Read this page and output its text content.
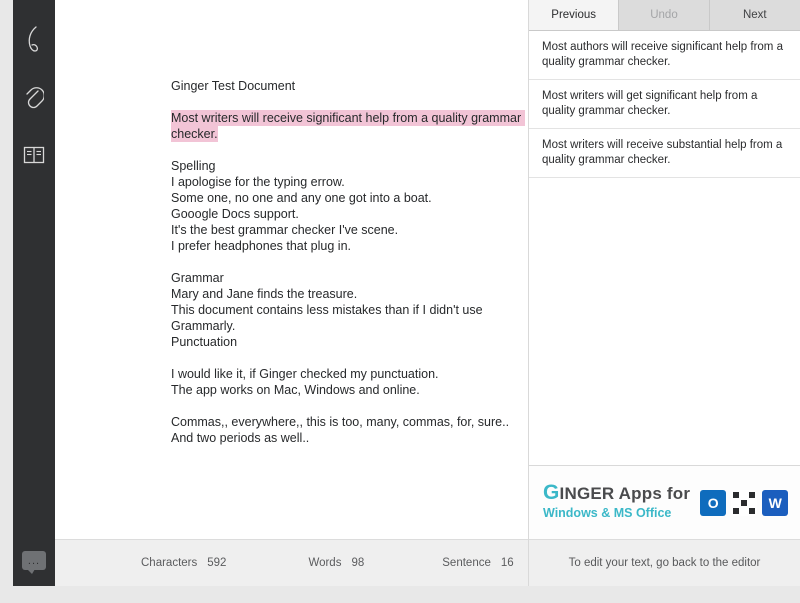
...

Ginger Test Document

Most writers will receive significant help from a quality grammar checker.

Spelling

I apologise for the typing errow.

Some one, no one and any one got into a boat.

Gooogle Docs support.

It's the best grammar checker I've scene.

I prefer headphones that plug in.

Grammar

Mary and Jane finds the treasure.

This document contains less mistakes than if I didn't use

Grammarly.

Punctuation

I would like it, if Ginger checked my punctuation.

The app works on Mac, Windows and online.

Commas,, everywhere,, this is too, many, commas, for, sure..

And two periods as well..

Characters 592	Words 98	Sentence 16
Previous	Undo	Next
Most authors will receive significant help from a quality grammar checker.
Most writers will get significant help from a quality grammar checker.
Most writers will receive substantial help from a quality grammar checker.
GINGER Apps for
Windows & MS Office
O	W
To edit your text, go back to the editor
